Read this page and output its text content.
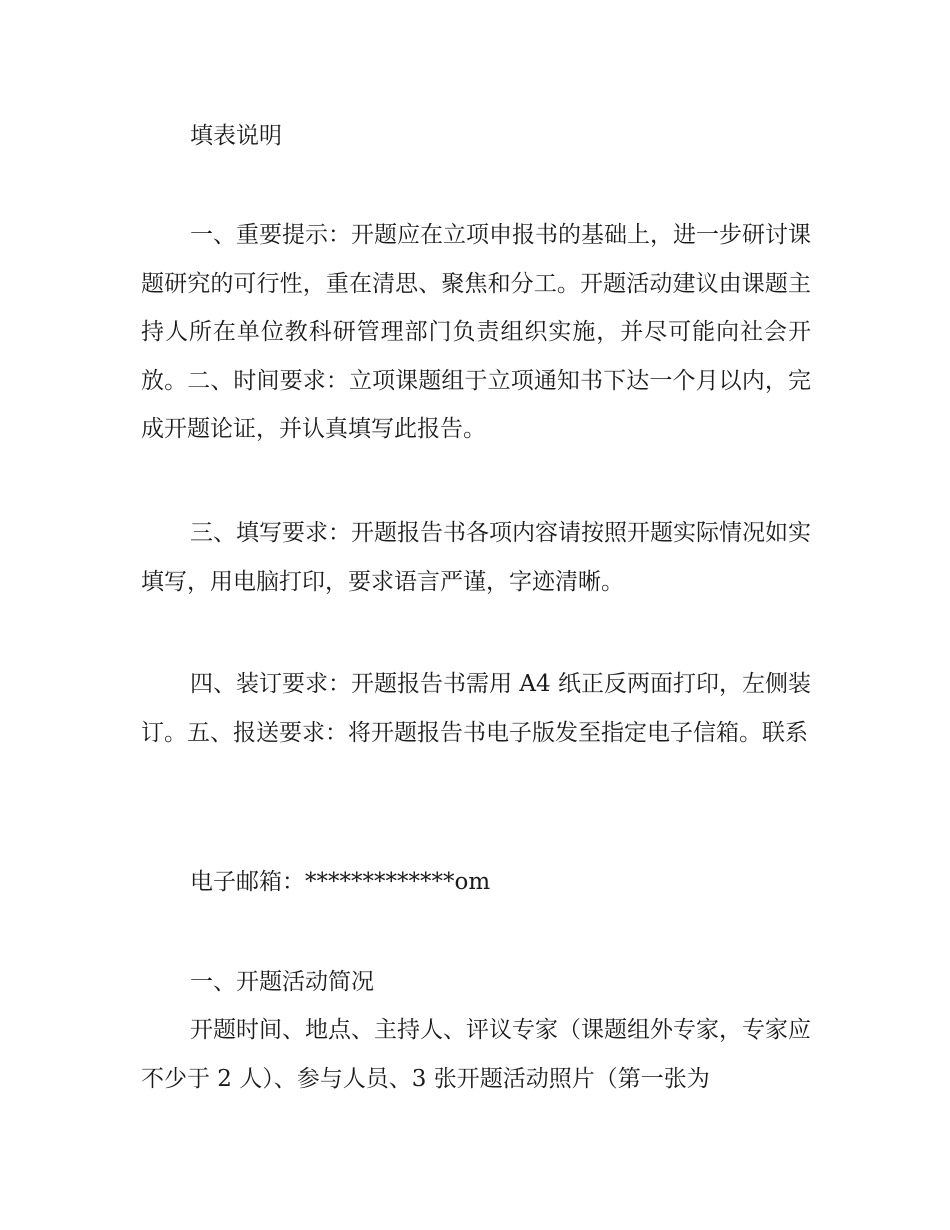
填表说明

一、重要提示：开题应在立项申报书的基础上，进一步研讨课题研究的可行性，重在清思、聚焦和分工。开题活动建议由课题主持人所在单位教科研管理部门负责组织实施，并尽可能向社会开放。二、时间要求：立项课题组于立项通知书下达一个月以内，完成开题论证，并认真填写此报告。

三、填写要求：开题报告书各项内容请按照开题实际情况如实填写，用电脑打印，要求语言严谨，字迹清晰。

四、装订要求：开题报告书需用 A4 纸正反两面打印，左侧装订。五、报送要求：将开题报告书电子版发至指定电子信箱。联系

电子邮箱：*************om

一、开题活动简况

开题时间、地点、主持人、评议专家（课题组外专家，专家应不少于 2 人）、参与人员、3 张开题活动照片（第一张为
